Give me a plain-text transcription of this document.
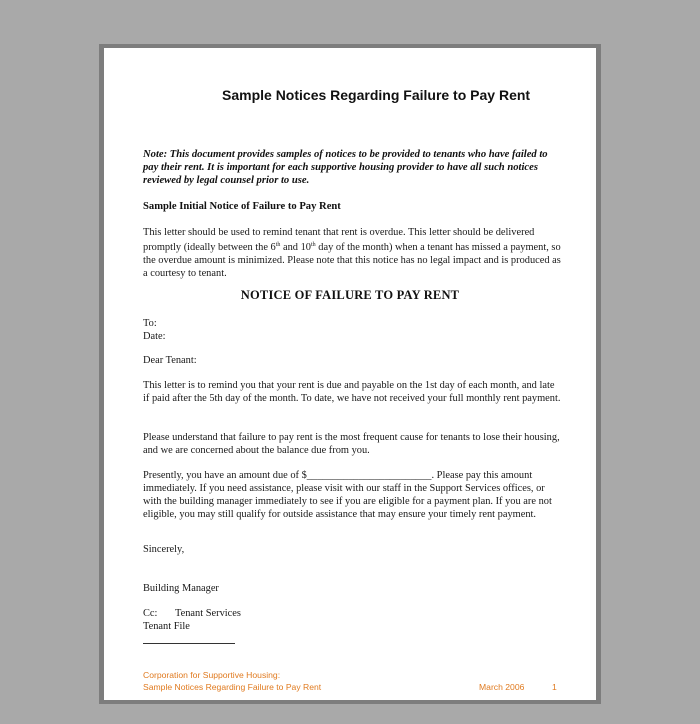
Sample Notices Regarding Failure to Pay Rent

Note: This document provides samples of notices to be provided to tenants who have failed to pay their rent. It is important for each supportive housing provider to have all such notices reviewed by legal counsel prior to use.

Sample Initial Notice of Failure to Pay Rent

This letter should be used to remind tenant that rent is overdue. This letter should be delivered promptly (ideally between the 6th and 10th day of the month) when a tenant has missed a payment, so the overdue amount is minimized. Please note that this notice has no legal impact and is produced as a courtesy to tenant.

NOTICE OF FAILURE TO PAY RENT
To:
Date:
Dear Tenant:

This letter is to remind you that your rent is due and payable on the 1st day of each month, and late if paid after the 5th day of the month. To date, we have not received your full monthly rent payment.

Please understand that failure to pay rent is the most frequent cause for tenants to lose their housing, and we are concerned about the balance due from you.

Presently, you have an amount due of $________________________. Please pay this amount immediately. If you need assistance, please visit with our staff in the Support Services offices, or with the building manager immediately to see if you are eligible for a payment plan. If you are not eligible, you may still qualify for outside assistance that may ensure your timely rent payment.

Sincerely,
Building Manager
Cc: Tenant Services
Tenant File
Corporation for Supportive Housing:
Sample Notices Regarding Failure to Pay Rent	March 2006	1
